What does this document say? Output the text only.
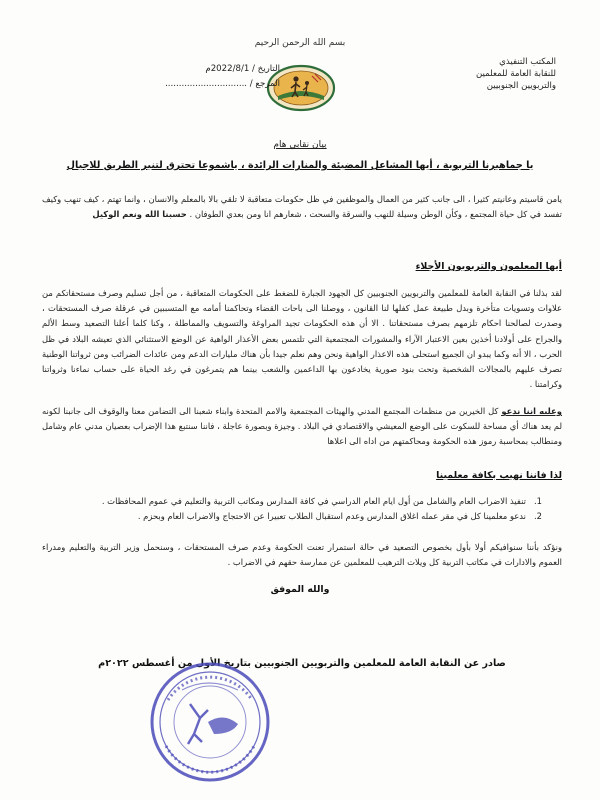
بسم الله الرحمن الرحيم
المكتب التنفيذي
للنقابة العامة للمعلمين
والتربويين الجنوبيين
التاريخ / 2022/8/1م
المرجع / ..............................
بيان نقابي هام
يا جماهيرنا التربوية ، أيها المشاعل المضيئة والمنارات الرائدة ، ياشموعا تحترق لتنير الطريق للاجيال
يامن قاسيتم وعانيتم كثيرا ، الى جانب كثير من العمال والموظفين في ظل حكومات متعاقبة لا تلقي بالا بالمعلم والانسان ، وانما تهتم ، كيف تنهب وكيف تفسد في كل حياة المجتمع ، وكأن الوطن وسيلة للنهب والسرقة والسحت ، شعارهم انا ومن بعدي الطوفان . حسبنا الله ونعم الوكيل
أيها المعلمون والتربويون الأجلاء
لقد بذلنا في النقابة العامة للمعلمين والتربويين الجنوبيين كل الجهود الجبارة للضغط على الحكومات المتعاقبة ، من أجل تسليم وصرف مستحقاتكم من علاوات وتسويات متأخرة وبدل طبيعة عمل كفلها لنا القانون ، ووصلنا الى باحات القضاء وتحاكمنا أمامه مع المتسببين في عرقلة صرف المستحقات ، وصدرت لصالحنا احكام تلزمهم بصرف مستحقاتنا . الا أن هذه الحكومات تجيد المراوغة والتسويف والمماطلة ، وكنا كلما أعلنا التصعيد وسط الألم والجراح على أولادنا أخذين بعين الاعتبار الآراء والمشورات المجتمعية التي تلتمس بعض الأعذار الواهية عن الوضع الاستثنائي الذي تعيشه البلاد في ظل الحرب ، الا أنه وكما يبدو ان الجميع استحلى هذه الاعذار الواهية ونحن وهم نعلم جيدا بأن هناك مليارات الدعم ومن عائدات الضرائب ومن ثرواتنا الوطنية تصرف عليهم بالمجالات الشخصية وتحت بنود صورية يخادعون بها الداعمين والشعب بينما هم يتمرغون في رغد الحياة على حساب نماءنا وثرواتنا وكرامتنا .
وعليه اننا ندعو كل الخيرين من منظمات المجتمع المدني والهيئات المجتمعية والامم المتحدة وابناء شعبنا الى التضامن معنا والوقوف الى جانبنا لكونه لم يعد هناك أي مساحة للسكوت على الوضع المعيشي والاقتصادي في البلاد . وجيزة وبصورة عاجلة ، فاننا سنتبع هذا الإضراب بعصيان مدني عام وشامل ومنطالب بمحاسبة رموز هذه الحكومة ومحاكمتهم من اداه الى اعلاها
لذا فاننا نهيب بكافة معلمينا
1.
تنفيذ الاضراب العام والشامل من أول ايام العام الدراسي في كافة المدارس ومكاتب التربية والتعليم في عموم المحافظات .
2.
ندعو معلمينا كل في مقر عمله اغلاق المدارس وعدم استقبال الطلاب تعبيرا عن الاحتجاج والاضراب العام وبحزم .
ونؤكد بأننا سنوافيكم أولا بأول بخصوص التصعيد في حالة استمرار تعنت الحكومة وعدم صرف المستحقات ، وسنحمل وزير التربية والتعليم ومدراء العموم والادارات في مكاتب التربية كل ويلات الترهيب للمعلمين عن ممارسة حقهم في الاضراب .
والله الموفق
صادر عن النقابة العامة للمعلمين والتربويين الجنوبيين بتاريخ الأول من أغسطس ٢٠٢٢م
